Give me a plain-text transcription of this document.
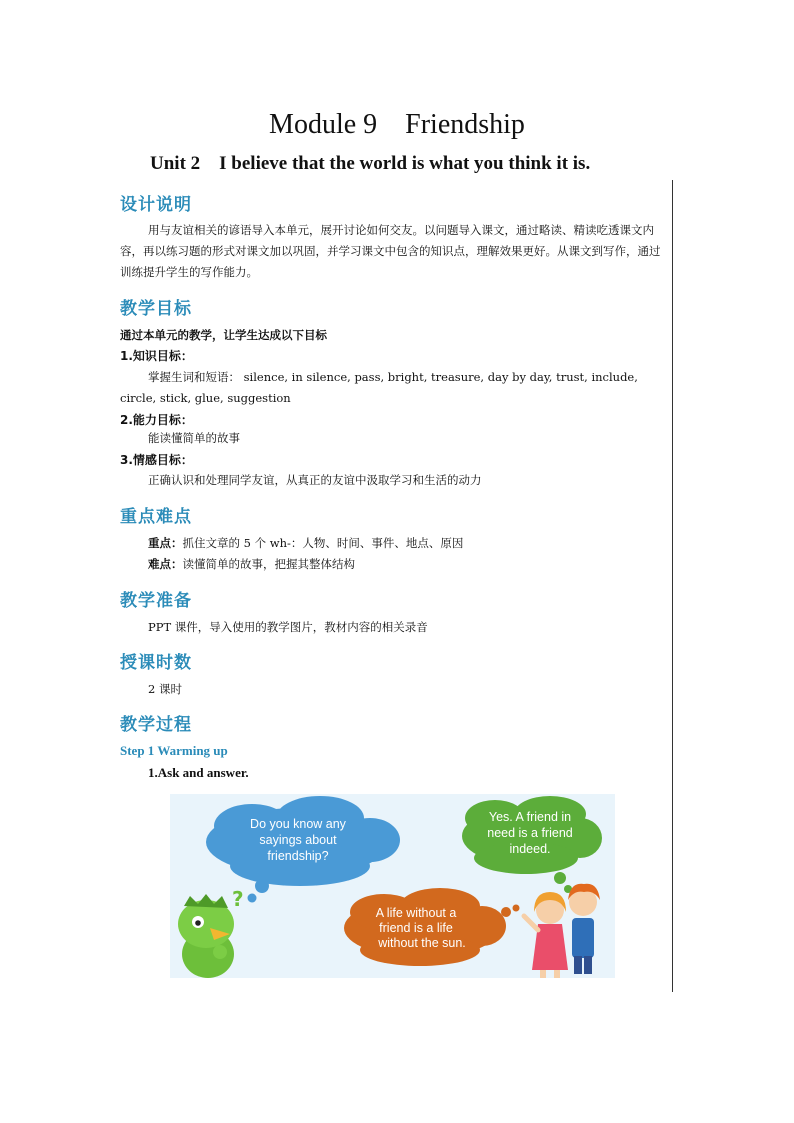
Module 9　Friendship
Unit 2　I believe that the world is what you think it is.
设计说明
用与友谊相关的谚语导入本单元，展开讨论如何交友。以问题导入课文，通过略读、精读吃透课文内容，再以练习题的形式对课文加以巩固，并学习课文中包含的知识点，理解效果更好。从课文到写作，通过训练提升学生的写作能力。
教学目标
通过本单元的教学，让学生达成以下目标
1.知识目标：
掌握生词和短语： silence, in silence, pass, bright, treasure, day by day, trust, include, circle, stick, glue, suggestion
2.能力目标：
能读懂简单的故事
3.情感目标：
正确认识和处理同学友谊，从真正的友谊中汲取学习和生活的动力
重点难点
重点：抓住文章的 5 个 wh-：人物、时间、事件、地点、原因
难点：读懂简单的故事，把握其整体结构
教学准备
PPT 课件，导入使用的教学图片，教材内容的相关录音
授课时数
2 课时
教学过程
Step 1 Warming up
1.Ask and answer.
Do you know any
sayings about
friendship?
Yes. A friend in
need is a friend
indeed.
A life without a
friend is a life
without the sun.
?
